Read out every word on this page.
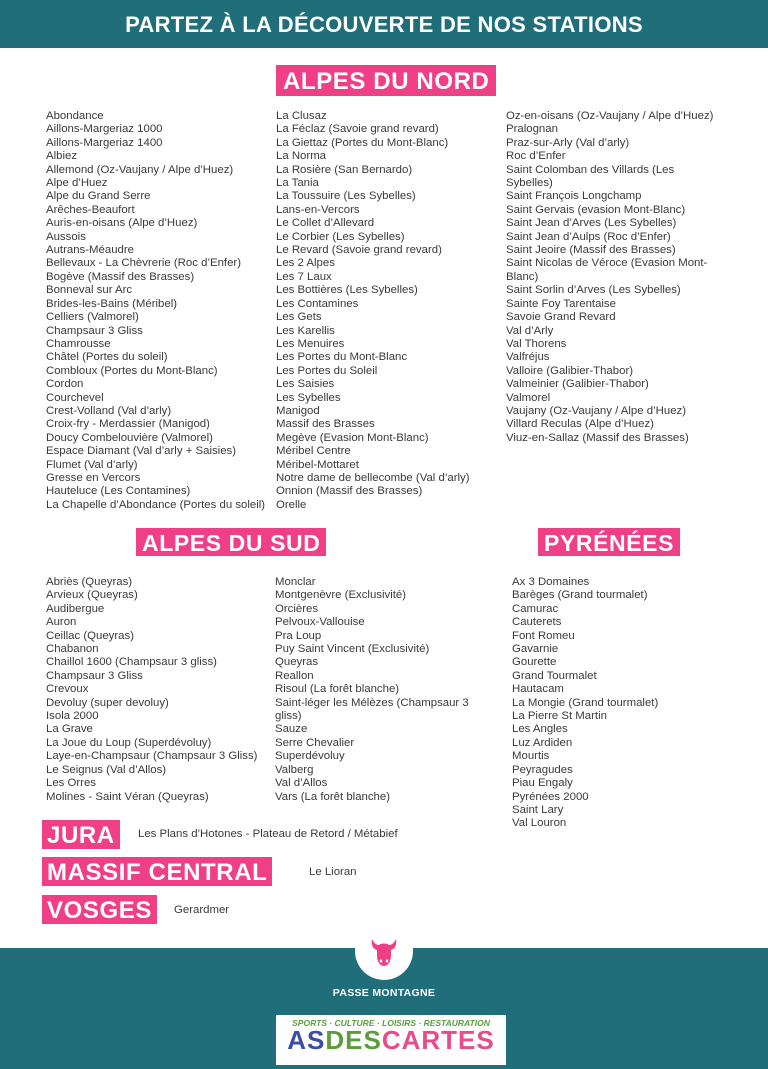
PARTEZ À LA DÉCOUVERTE DE NOS STATIONS
ALPES DU NORD
Abondance
Aillons-Margeriaz 1000
Aillons-Margeriaz 1400
Albiez
Allemond (Oz-Vaujany / Alpe d’Huez)
Alpe d’Huez
Alpe du Grand Serre
Arêches-Beaufort
Auris-en-oisans (Alpe d’Huez)
Aussois
Autrans-Méaudre
Bellevaux - La Chèvrerie (Roc d’Enfer)
Bogève (Massif des Brasses)
Bonneval sur Arc
Brides-les-Bains (Méribel)
Celliers (Valmorel)
Champsaur 3 Gliss
Chamrousse
Châtel (Portes du soleil)
Combloux (Portes du Mont-Blanc)
Cordon
Courchevel
Crest-Volland (Val d’arly)
Croix-fry - Merdassier (Manigod)
Doucy Combelouvière (Valmorel)
Espace Diamant (Val d’arly + Saisies)
Flumet (Val d’arly)
Gresse en Vercors
Hauteluce (Les Contamines)
La Chapelle d’Abondance (Portes du soleil)
La Clusaz
La Féclaz (Savoie grand revard)
La Giettaz (Portes du Mont-Blanc)
La Norma
La Rosière (San Bernardo)
La Tania
La Toussuire (Les Sybelles)
Lans-en-Vercors
Le Collet d’Allevard
Le Corbier (Les Sybelles)
Le Revard (Savoie grand revard)
Les 2 Alpes
Les 7 Laux
Les Bottières (Les Sybelles)
Les Contamines
Les Gets
Les Karellis
Les Menuires
Les Portes du Mont-Blanc
Les Portes du Soleil
Les Saisies
Les Sybelles
Manigod
Massif des Brasses
Megève (Evasion Mont-Blanc)
Méribel Centre
Méribel-Mottaret
Notre dame de bellecombe (Val d’arly)
Onnion (Massif des Brasses)
Orelle
Oz-en-oisans (Oz-Vaujany / Alpe d’Huez)
Pralognan
Praz-sur-Arly (Val d’arly)
Roc d’Enfer
Saint Colomban des Villards (Les Sybelles)
Saint François Longchamp
Saint Gervais (evasion Mont-Blanc)
Saint Jean d’Arves (Les Sybelles)
Saint Jean d’Aulps (Roc d’Enfer)
Saint Jeoire (Massif des Brasses)
Saint Nicolas de Véroce (Evasion Mont-Blanc)
Saint Sorlin d’Arves (Les Sybelles)
Sainte Foy Tarentaise
Savoie Grand Revard
Val d’Arly
Val Thorens
Valfréjus
Valloire (Galibier-Thabor)
Valmeinier (Galibier-Thabor)
Valmorel
Vaujany (Oz-Vaujany / Alpe d’Huez)
Villard Reculas (Alpe d’Huez)
Viuz-en-Sallaz (Massif des Brasses)
ALPES DU SUD
Abriès (Queyras)
Arvieux (Queyras)
Audibergue
Auron
Ceillac (Queyras)
Chabanon
Chaillol 1600 (Champsaur 3 gliss)
Champsaur 3 Gliss
Crevoux
Devoluy (super devoluy)
Isola 2000
La Grave
La Joue du Loup (Superdévoluy)
Laye-en-Champsaur (Champsaur 3 Gliss)
Le Seignus (Val d’Allos)
Les Orres
Molines - Saint Véran (Queyras)
Monclar
Montgenèvre (Exclusivité)
Orcières
Pelvoux-Vallouise
Pra Loup
Puy Saint Vincent (Exclusivité)
Queyras
Reallon
Risoul (La forêt blanche)
Saint-léger les Mélèzes (Champsaur 3 gliss)
Sauze
Serre Chevalier
Superdévoluy
Valberg
Val d’Allos
Vars (La forêt blanche)
PYRÉNÉES
Ax 3 Domaines
Barèges (Grand tourmalet)
Camurac
Cauterets
Font Romeu
Gavarnie
Gourette
Grand Tourmalet
Hautacam
La Mongie (Grand tourmalet)
La Pierre St Martin
Les Angles
Luz Ardiden
Mourtis
Peyragudes
Piau Engaly
Pyrénées 2000
Saint Lary
Val Louron
JURA	Les Plans d’Hotones - Plateau de Retord / Métabief
MASSIF CENTRAL	Le Lioran
VOSGES	Gerardmer
PASSE MONTAGNE
SPORTS · CULTURE · LOISIRS · RESTAURATION
ASDESCARTES
